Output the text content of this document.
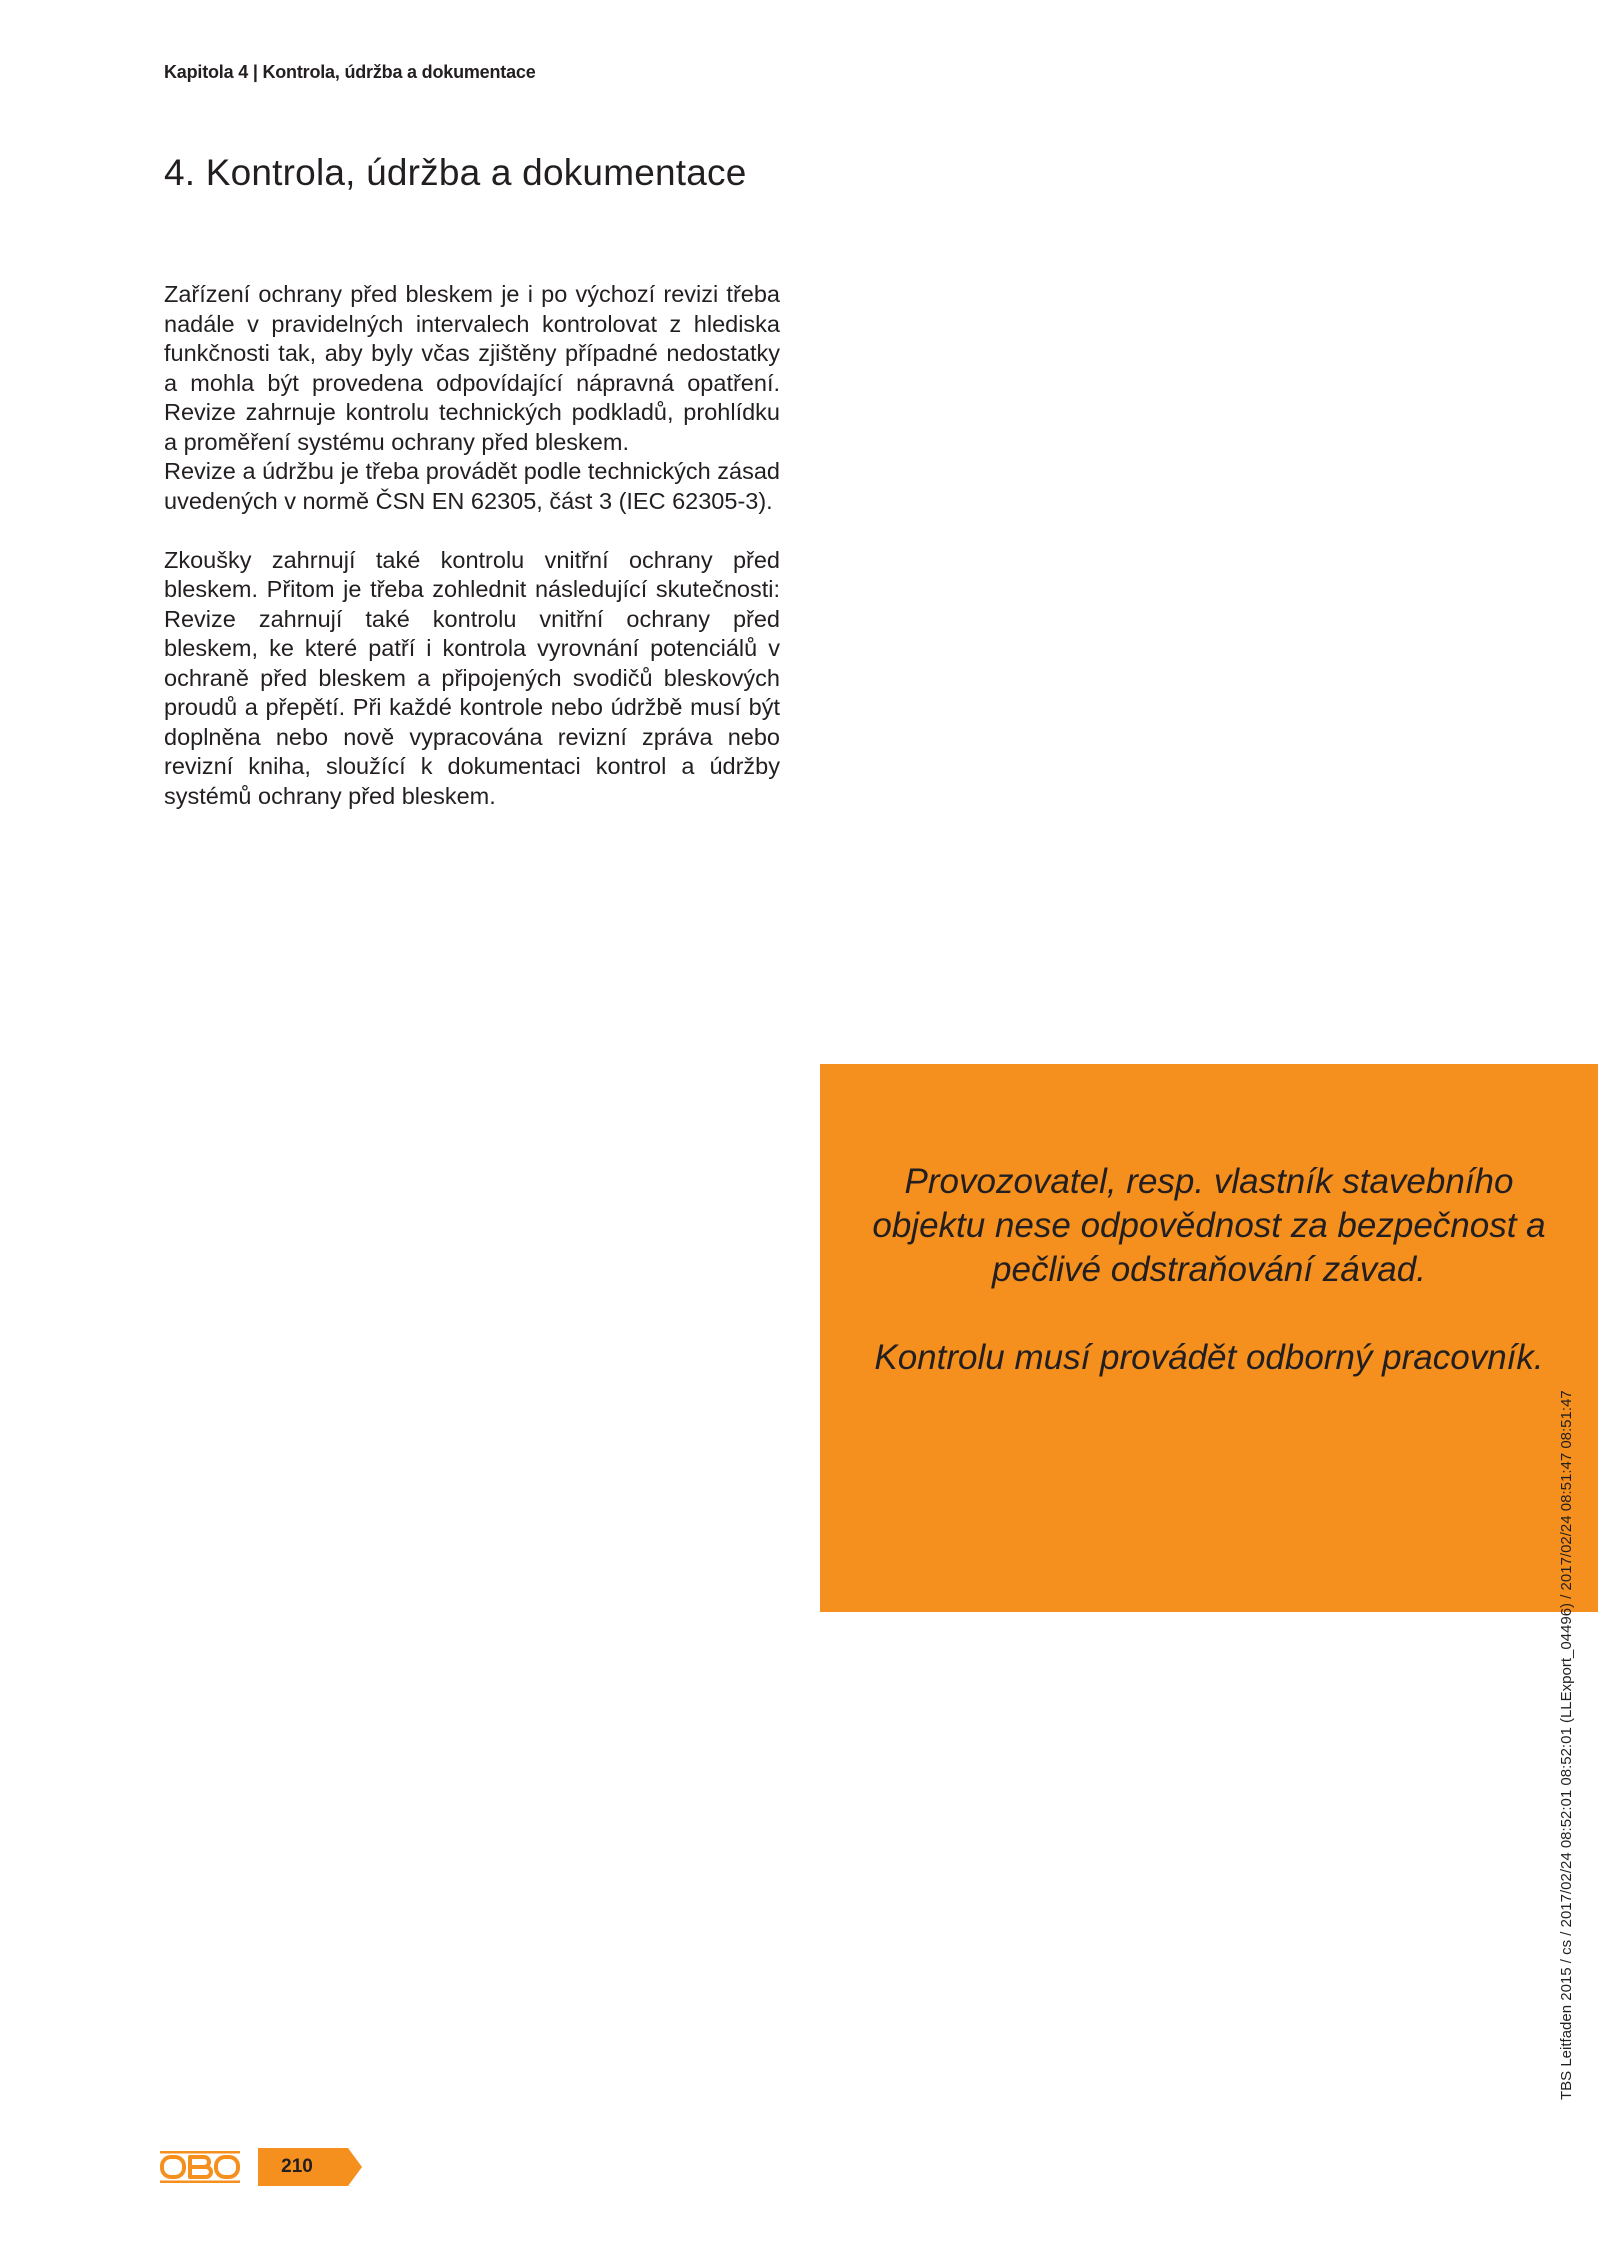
Kapitola 4 | Kontrola, údržba a dokumentace
4. Kontrola, údržba a dokumentace

Zařízení ochrany před bleskem je i po výchozí revizi třeba nadále v pravidelných intervalech kontrolovat z hlediska funkčnosti tak, aby byly včas zjištěny případné nedostatky a mohla být provedena odpovídající nápravná opatření. Revize zahrnuje kontrolu technických podkladů, prohlídku a proměření systému ochrany před bleskem.

Revize a údržbu je třeba provádět podle technických zásad uvedených v normě ČSN EN 62305, část 3 (IEC 62305-3).

Zkoušky zahrnují také kontrolu vnitřní ochrany před bleskem. Přitom je třeba zohlednit následující skutečnosti: Revize zahrnují také kontrolu vnitřní ochrany před bleskem, ke které patří i kontrola vyrovnání potenciálů v ochraně před bleskem a připojených svodičů bleskových proudů a přepětí. Při každé kontrole nebo údržbě musí být doplněna nebo nově vypracována revizní zpráva nebo revizní kniha, sloužící k dokumentaci kontrol a údržby systémů ochrany před bleskem.

Provozovatel, resp. vlastník stavebního objektu nese odpovědnost za bezpečnost a pečlivé odstraňování závad.

Kontrolu musí provádět odborný pracovník.

TBS Leitfaden 2015 / cs / 2017/02/24 08:52:01 08:52:01 (LLExport_04496) / 2017/02/24 08:51:47 08:51:47
210
